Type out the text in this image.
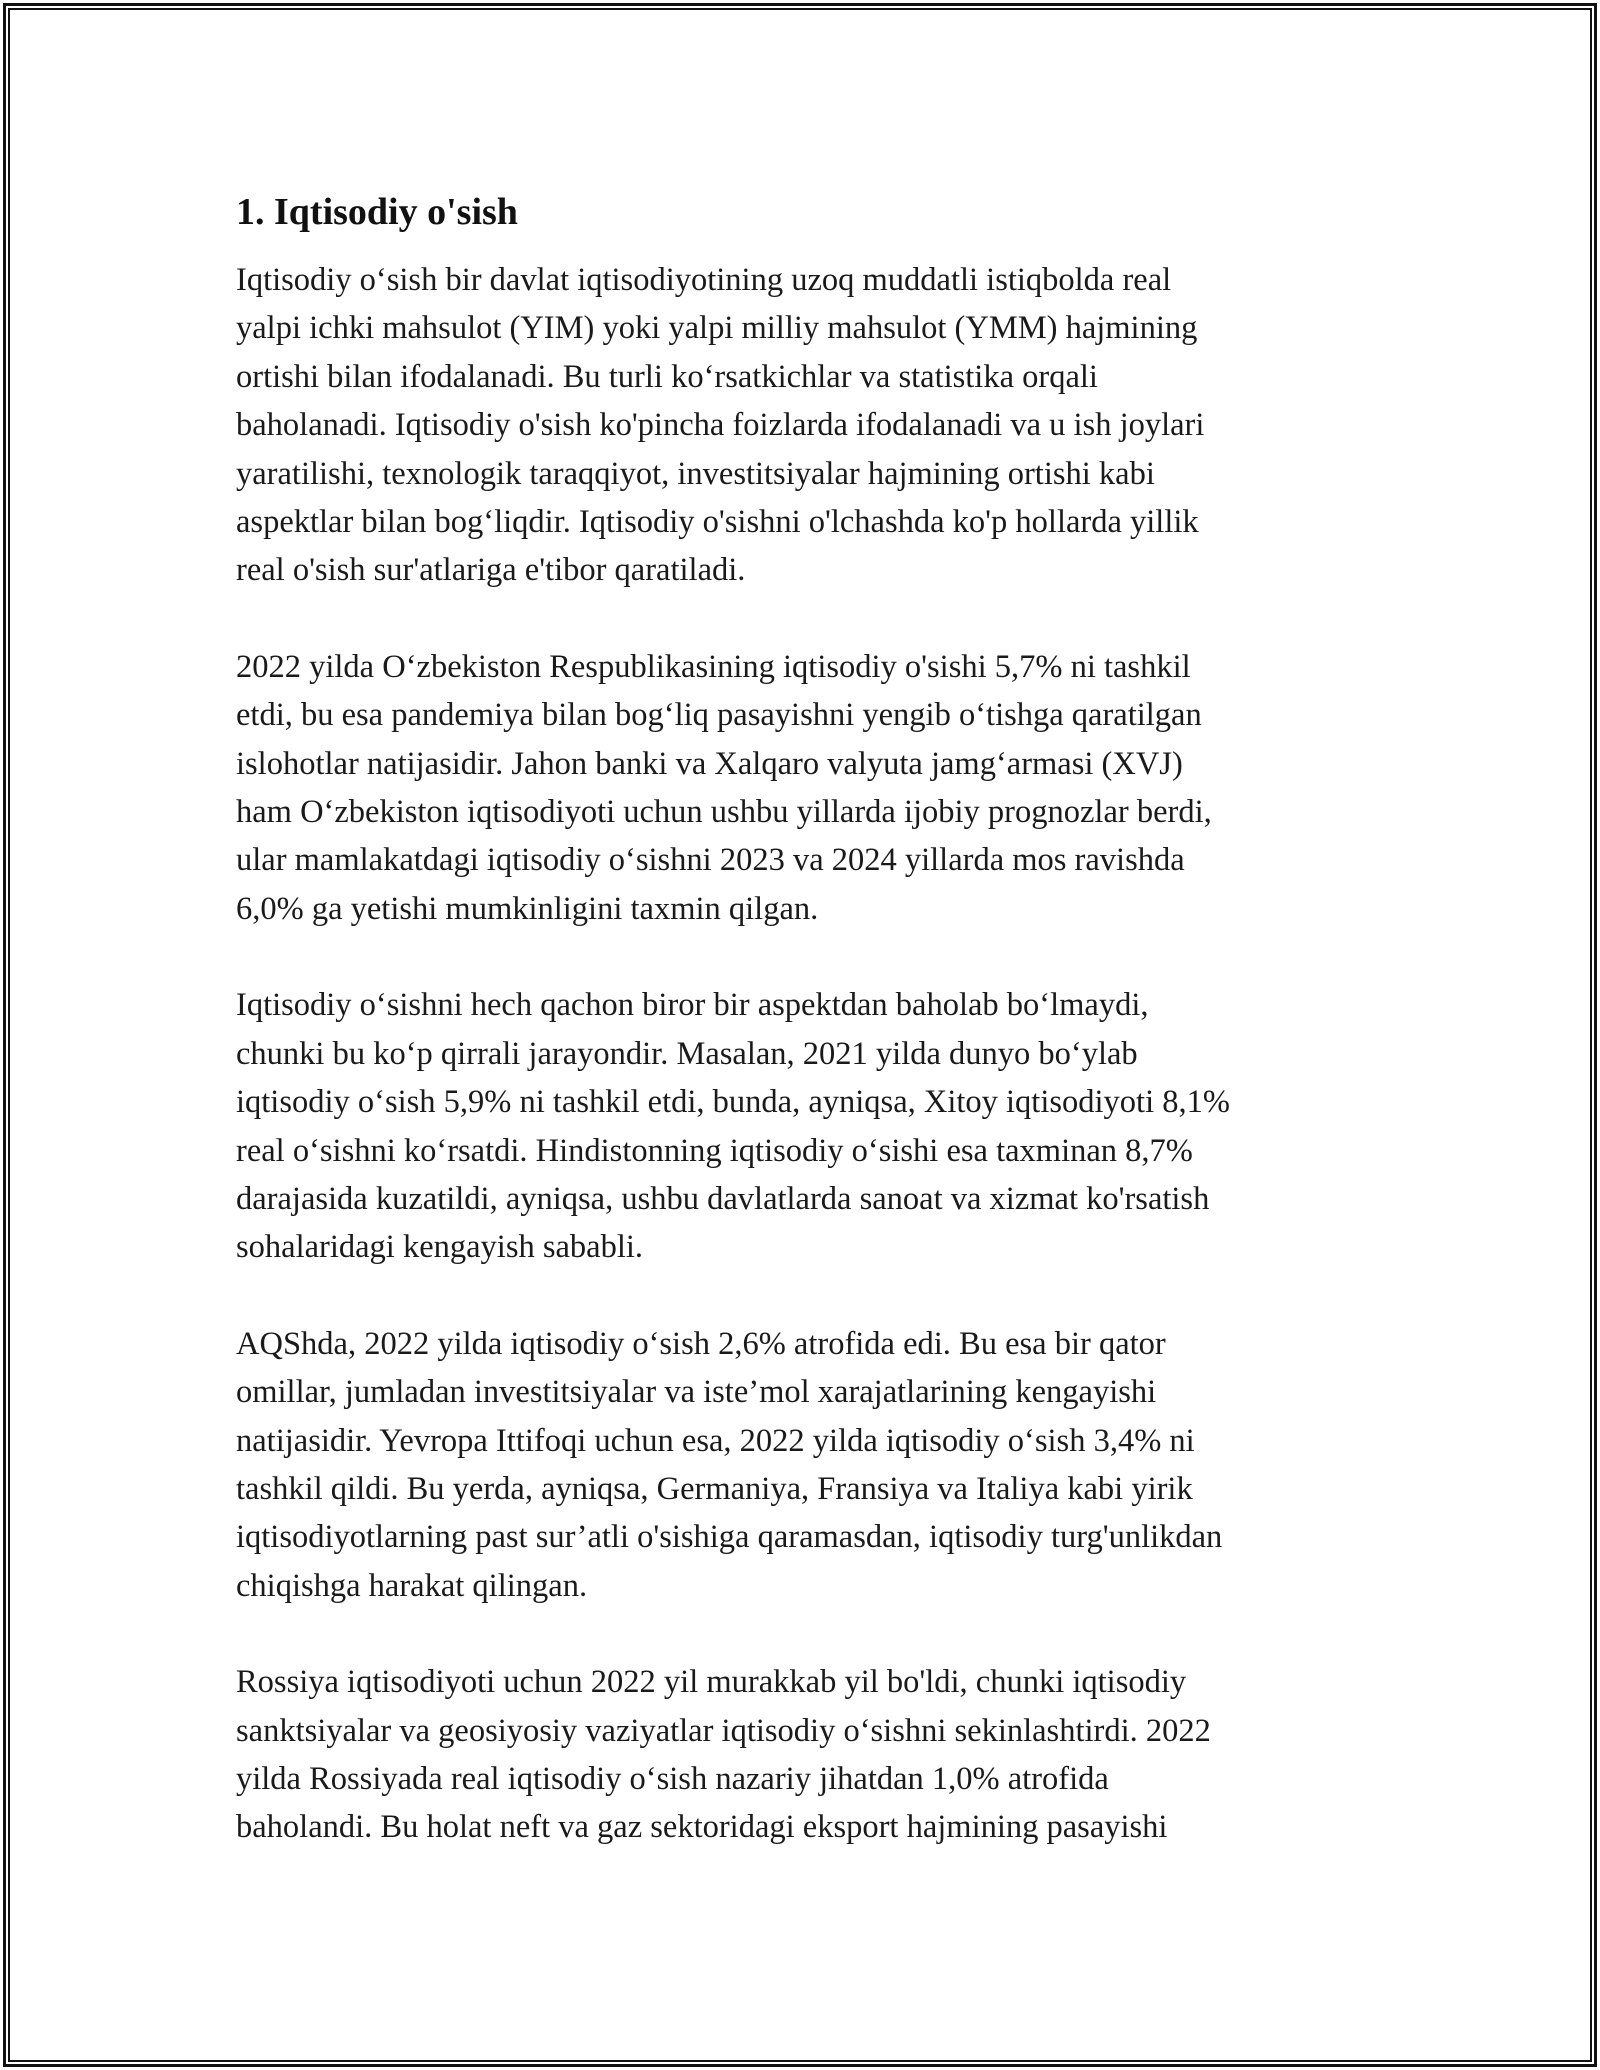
1. Iqtisodiy o'sish

Iqtisodiy o‘sish bir davlat iqtisodiyotining uzoq muddatli istiqbolda real
yalpi ichki mahsulot (YIM) yoki yalpi milliy mahsulot (YMM) hajmining
ortishi bilan ifodalanadi. Bu turli ko‘rsatkichlar va statistika orqali
baholanadi. Iqtisodiy o'sish ko'pincha foizlarda ifodalanadi va u ish joylari
yaratilishi, texnologik taraqqiyot, investitsiyalar hajmining ortishi kabi
aspektlar bilan bog‘liqdir. Iqtisodiy o'sishni o'lchashda ko'p hollarda yillik
real o'sish sur'atlariga e'tibor qaratiladi.

2022 yilda O‘zbekiston Respublikasining iqtisodiy o'sishi 5,7% ni tashkil
etdi, bu esa pandemiya bilan bog‘liq pasayishni yengib o‘tishga qaratilgan
islohotlar natijasidir. Jahon banki va Xalqaro valyuta jamg‘armasi (XVJ)
ham O‘zbekiston iqtisodiyoti uchun ushbu yillarda ijobiy prognozlar berdi,
ular mamlakatdagi iqtisodiy o‘sishni 2023 va 2024 yillarda mos ravishda
6,0% ga yetishi mumkinligini taxmin qilgan.

Iqtisodiy o‘sishni hech qachon biror bir aspektdan baholab bo‘lmaydi,
chunki bu ko‘p qirrali jarayondir. Masalan, 2021 yilda dunyo bo‘ylab
iqtisodiy o‘sish 5,9% ni tashkil etdi, bunda, ayniqsa, Xitoy iqtisodiyoti 8,1%
real o‘sishni ko‘rsatdi. Hindistonning iqtisodiy o‘sishi esa taxminan 8,7%
darajasida kuzatildi, ayniqsa, ushbu davlatlarda sanoat va xizmat ko'rsatish
sohalaridagi kengayish sababli.

AQShda, 2022 yilda iqtisodiy o‘sish 2,6% atrofida edi. Bu esa bir qator
omillar, jumladan investitsiyalar va iste’mol xarajatlarining kengayishi
natijasidir. Yevropa Ittifoqi uchun esa, 2022 yilda iqtisodiy o‘sish 3,4% ni
tashkil qildi. Bu yerda, ayniqsa, Germaniya, Fransiya va Italiya kabi yirik
iqtisodiyotlarning past sur’atli o'sishiga qaramasdan, iqtisodiy turg'unlikdan
chiqishga harakat qilingan.

Rossiya iqtisodiyoti uchun 2022 yil murakkab yil bo'ldi, chunki iqtisodiy
sanktsiyalar va geosiyosiy vaziyatlar iqtisodiy o‘sishni sekinlashtirdi. 2022
yilda Rossiyada real iqtisodiy o‘sish nazariy jihatdan 1,0% atrofida
baholandi. Bu holat neft va gaz sektoridagi eksport hajmining pasayishi
